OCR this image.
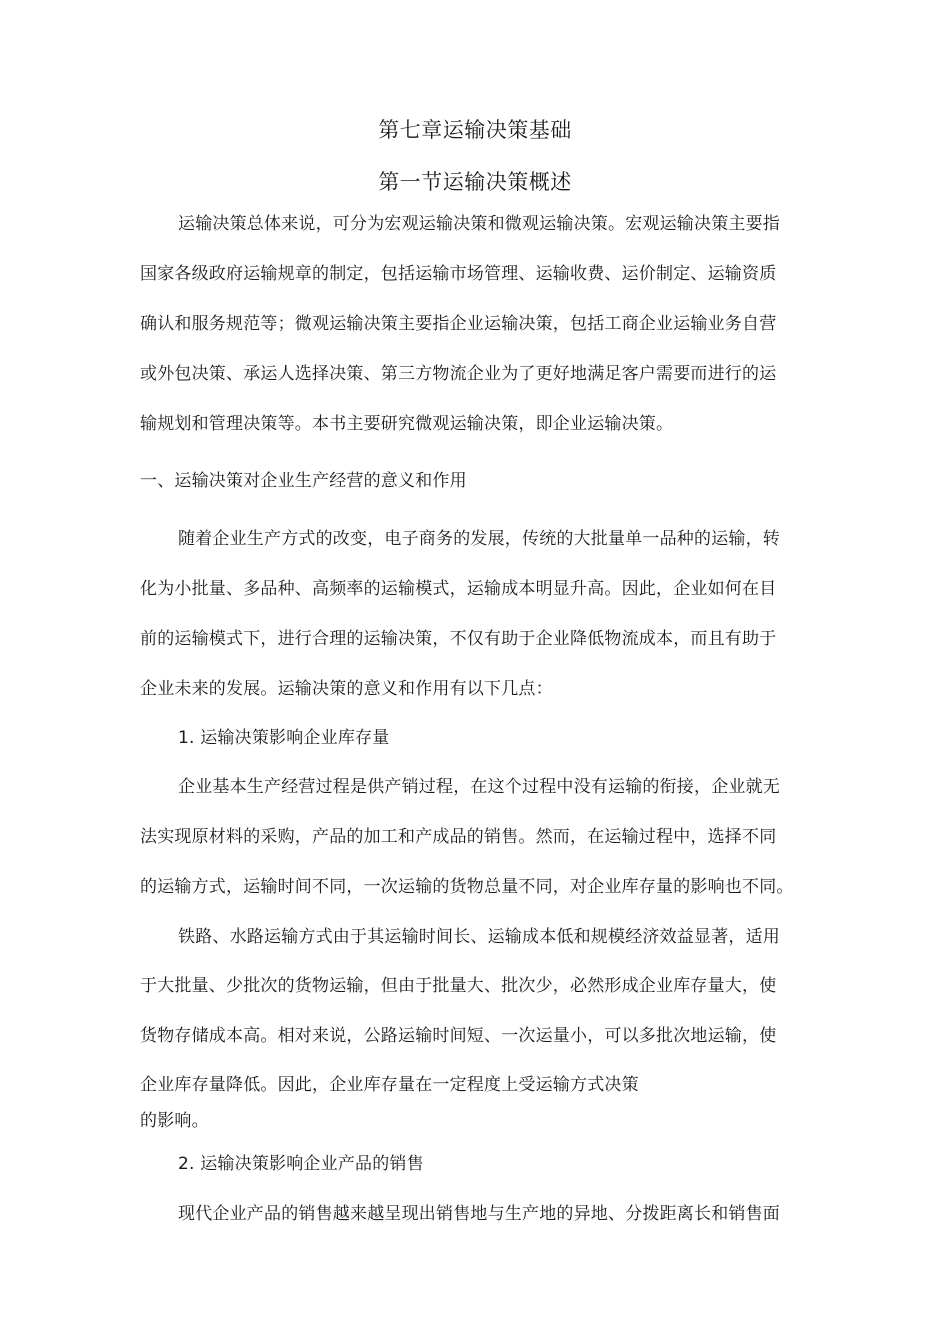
第七章运输决策基础
第一节运输决策概述
运输决策总体来说，可分为宏观运输决策和微观运输决策。宏观运输决策主要指
国家各级政府运输规章的制定，包括运输市场管理、运输收费、运价制定、运输资质
确认和服务规范等；微观运输决策主要指企业运输决策，包括工商企业运输业务自营
或外包决策、承运人选择决策、第三方物流企业为了更好地满足客户需要而进行的运
输规划和管理决策等。本书主要研究微观运输决策，即企业运输决策。
一、运输决策对企业生产经营的意义和作用
随着企业生产方式的改变，电子商务的发展，传统的大批量单一品种的运输，转
化为小批量、多品种、高频率的运输模式，运输成本明显升高。因此，企业如何在目
前的运输模式下，进行合理的运输决策，不仅有助于企业降低物流成本，而且有助于
企业未来的发展。运输决策的意义和作用有以下几点：
1. 运输决策影响企业库存量
企业基本生产经营过程是供产销过程，在这个过程中没有运输的衔接，企业就无
法实现原材料的采购，产品的加工和产成品的销售。然而，在运输过程中，选择不同
的运输方式，运输时间不同，一次运输的货物总量不同，对企业库存量的影响也不同。
铁路、水路运输方式由于其运输时间长、运输成本低和规模经济效益显著，适用
于大批量、少批次的货物运输，但由于批量大、批次少，必然形成企业库存量大，使
货物存储成本高。相对来说，公路运输时间短、一次运量小，可以多批次地运输，使
企业库存量降低。因此，企业库存量在一定程度上受运输方式决策
的影响。
2. 运输决策影响企业产品的销售
现代企业产品的销售越来越呈现出销售地与生产地的异地、分拨距离长和销售面
